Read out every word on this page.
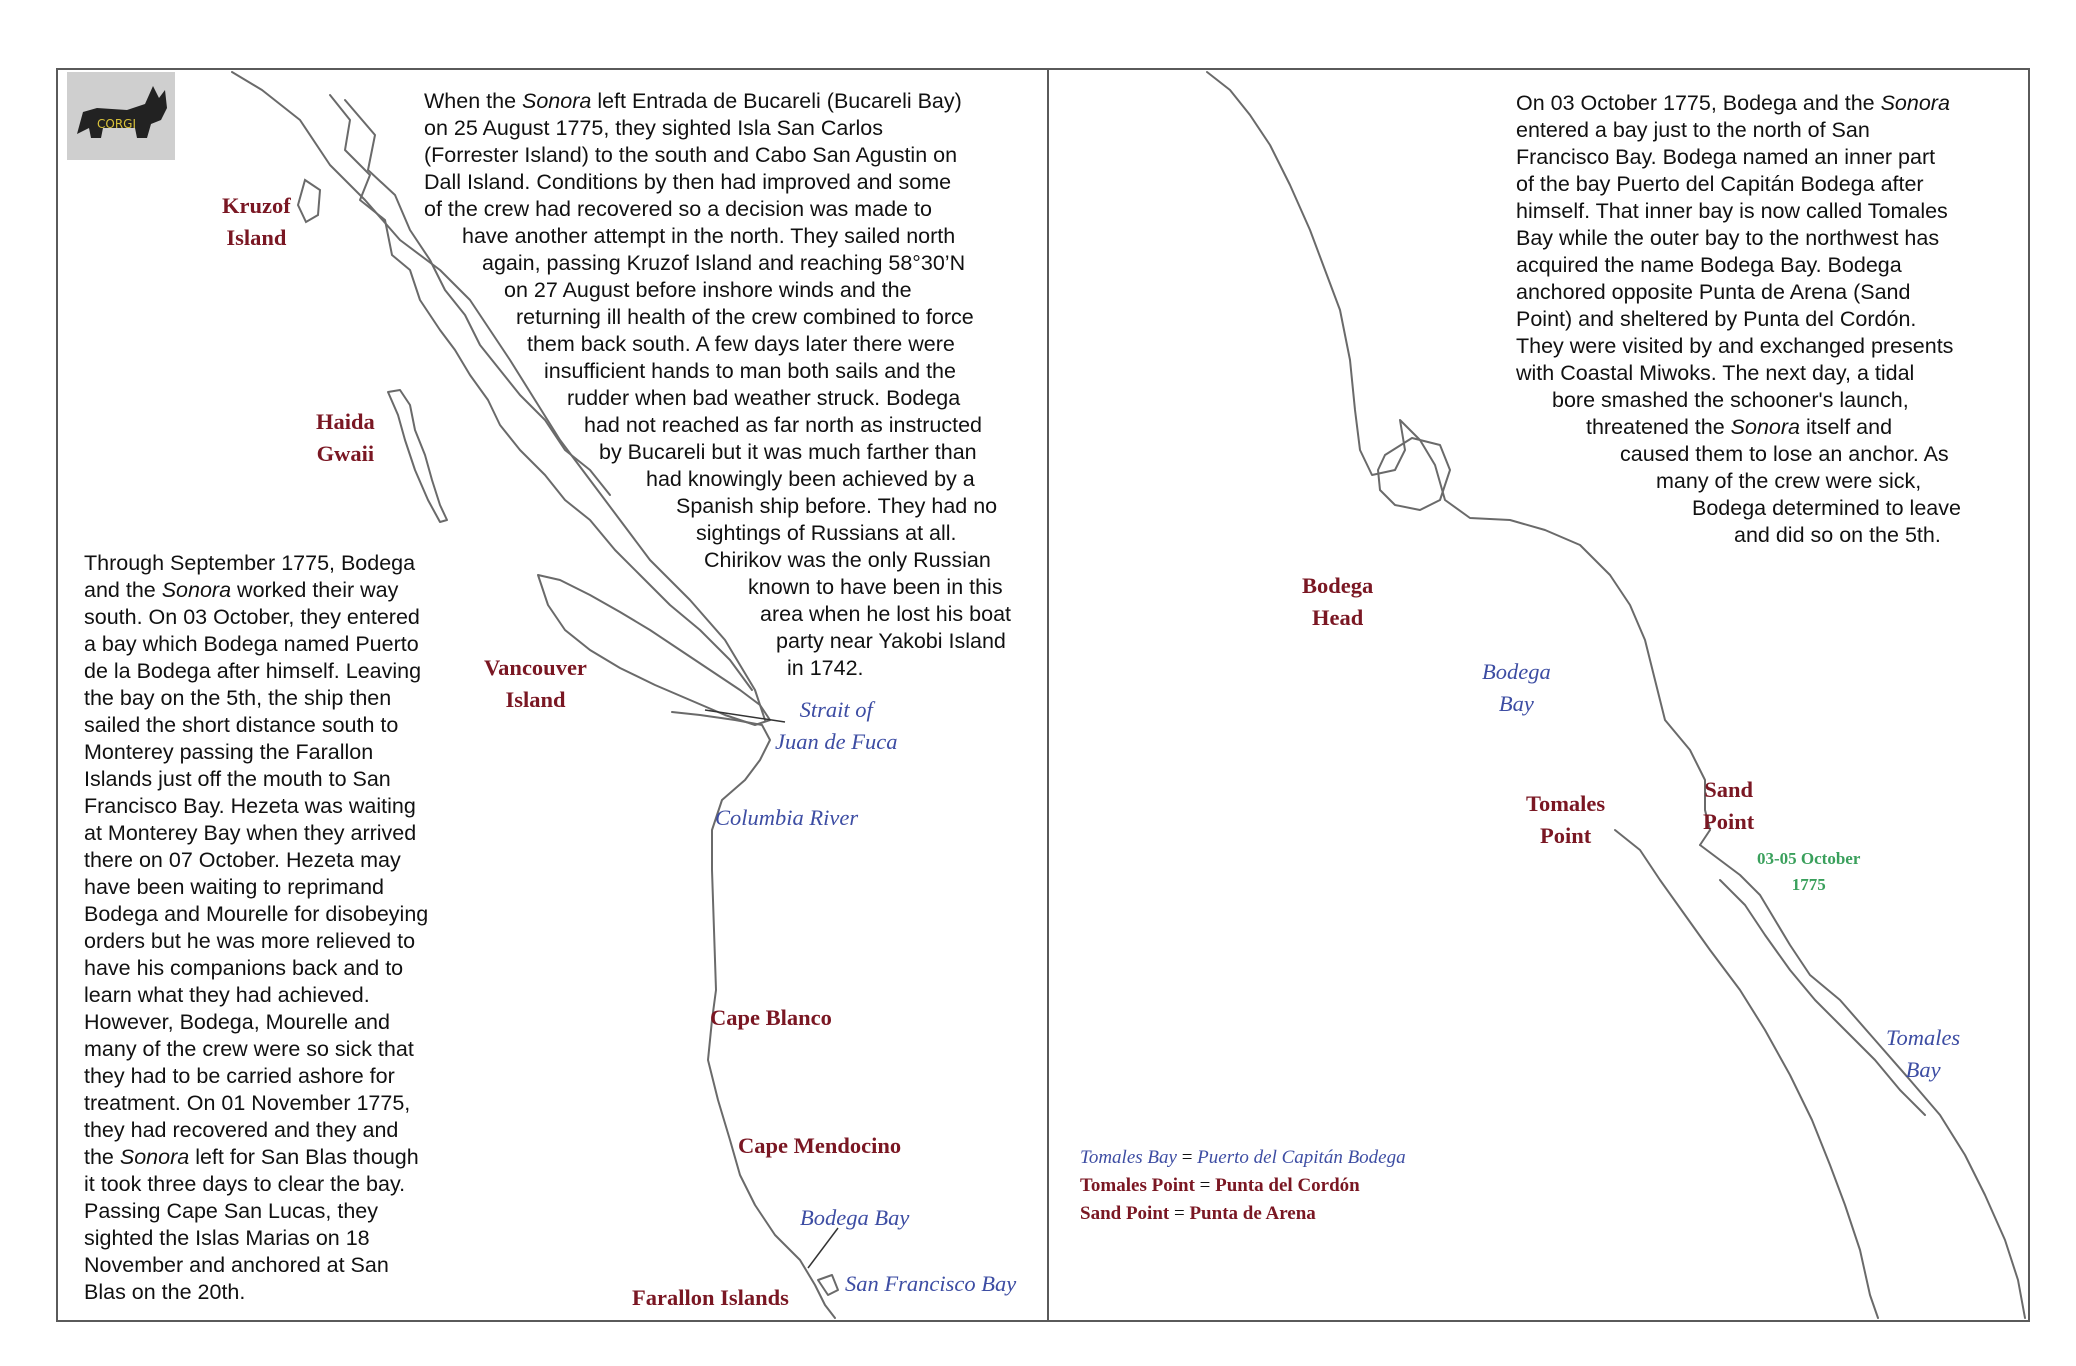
CORGI
When the Sonora left Entrada de Bucareli (Bucareli Bay)
on 25 August 1775, they sighted Isla San Carlos
(Forrester Island) to the south and Cabo San Agustin on
Dall Island. Conditions by then had improved and some
of the crew had recovered so a decision was made to
have another attempt in the north. They sailed north
again, passing Kruzof Island and reaching 58°30’N
on 27 August before inshore winds and the
returning ill health of the crew combined to force
them back south. A few days later there were
insufficient hands to man both sails and the
rudder when bad weather struck. Bodega
had not reached as far north as instructed
by Bucareli but it was much farther than
had knowingly been achieved by a
Spanish ship before. They had no
sightings of Russians at all.
Chirikov was the only Russian
known to have been in this
area when he lost his boat
party near Yakobi Island
in 1742.
Through September 1775, Bodega
and the Sonora worked their way
south. On 03 October, they entered
a bay which Bodega named Puerto
de la Bodega after himself. Leaving
the bay on the 5th, the ship then
sailed the short distance south to
Monterey passing the Farallon
Islands just off the mouth to San
Francisco Bay. Hezeta was waiting
at Monterey Bay when they arrived
there on 07 October. Hezeta may
have been waiting to reprimand
Bodega and Mourelle for disobeying
orders but he was more relieved to
have his companions back and to
learn what they had achieved.
However, Bodega, Mourelle and
many of the crew were so sick that
they had to be carried ashore for
treatment. On 01 November 1775,
they had recovered and they and
the Sonora left for San Blas though
it took three days to clear the bay.
Passing Cape San Lucas, they
sighted the Islas Marias on 18
November and anchored at San
Blas on the 20th.
On 03 October 1775, Bodega and the Sonora
entered a bay just to the north of San
Francisco Bay. Bodega named an inner part
of the bay Puerto del Capitán Bodega after
himself. That inner bay is now called Tomales
Bay while the outer bay to the northwest has
acquired the name Bodega Bay. Bodega
anchored opposite Punta de Arena (Sand
Point) and sheltered by Punta del Cordón.
They were visited by and exchanged presents
with Coastal Miwoks. The next day, a tidal
bore smashed the schooner's launch,
threatened the Sonora itself and
caused them to lose an anchor. As
many of the crew were sick,
Bodega determined to leave
and did so on the 5th.
Kruzof
Island
Haida
Gwaii
Vancouver
Island	Strait of
Juan de Fuca
Columbia River
Cape Blanco
Cape Mendocino
Bodega Bay
Farallon Islands
San Francisco Bay
Bodega
Head
Bodega
Bay
Tomales
Point
Sand
Point
03-05 October
1775
Tomales
Bay
Tomales Bay = Puerto del Capitán Bodega
Tomales Point = Punta del Cordón
Sand Point = Punta de Arena
